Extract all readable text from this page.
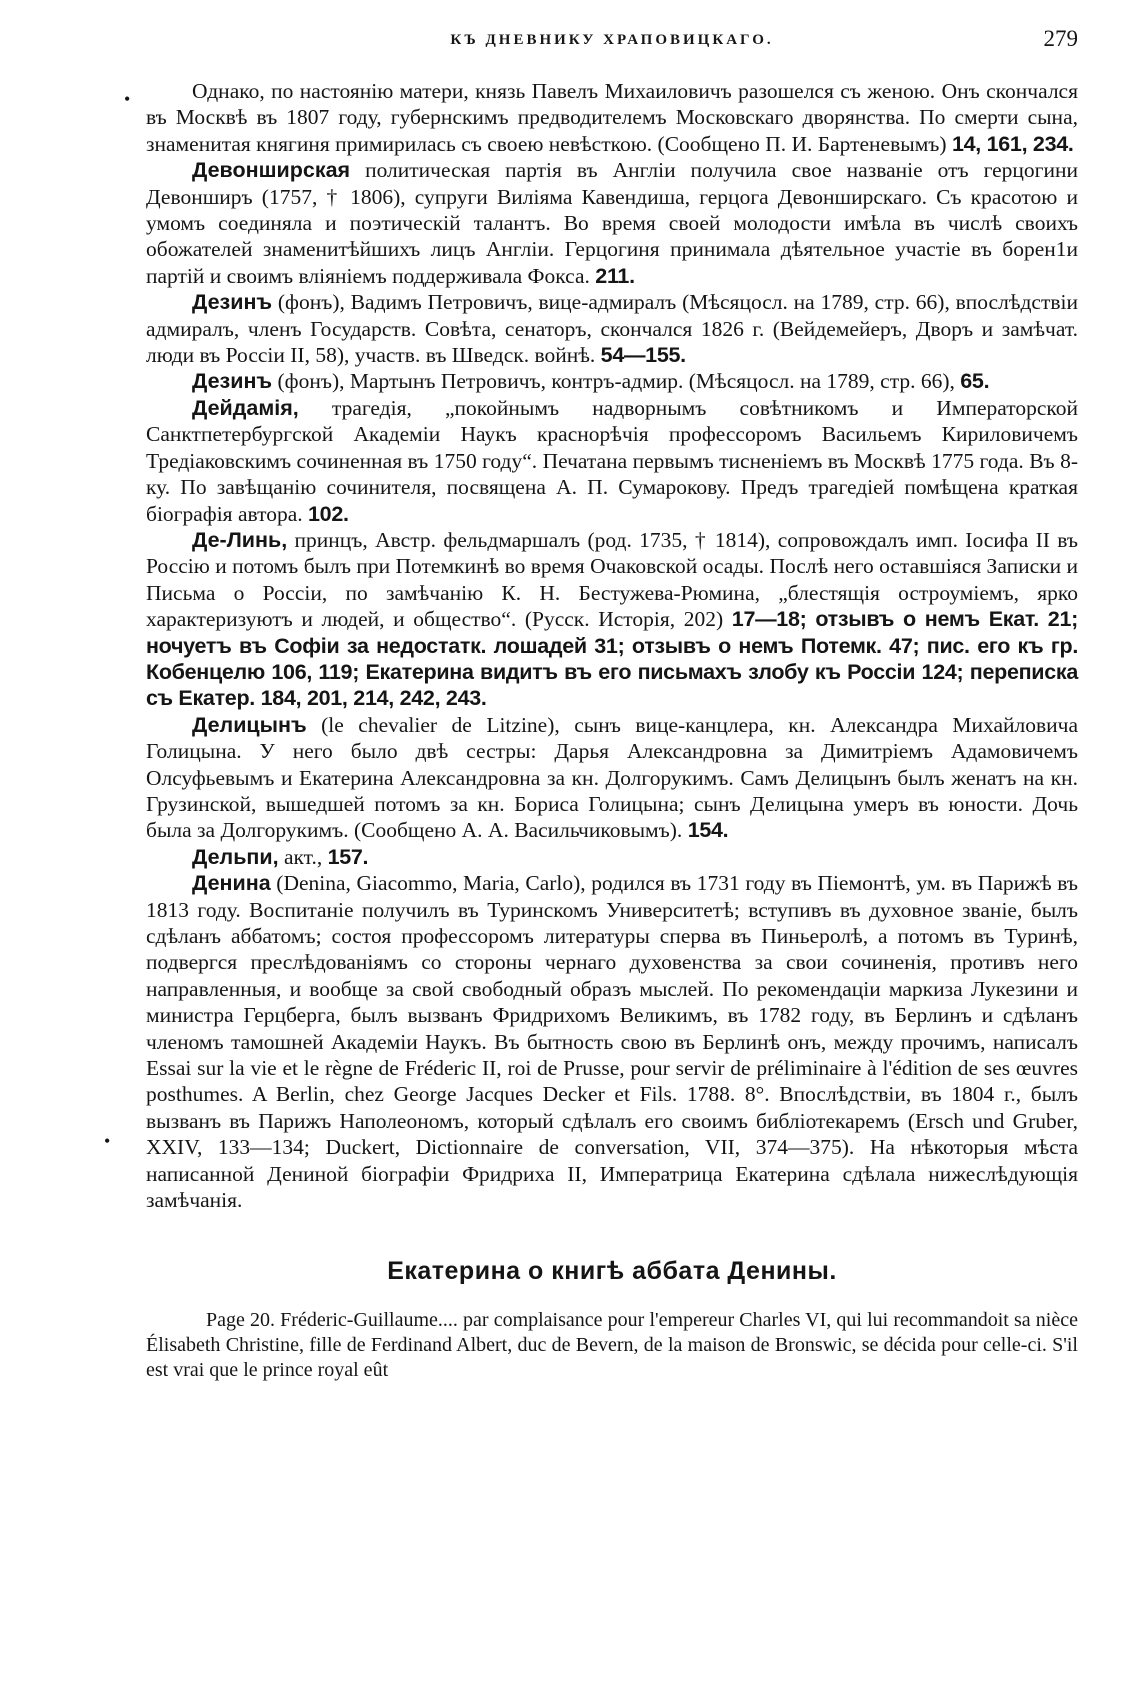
•
•
КЪ ДНЕВНИКУ ХРАПОВИЦКАГО.	279

Однако, по настоянію матери, князь Павелъ Михаиловичъ разошелся съ женою. Онъ скончался въ Москвѣ въ 1807 году, губернскимъ предводителемъ Московскаго дворянства. По смерти сына, знаменитая княгиня примирилась съ своею невѣсткою. (Сообщено П. И. Бартеневымъ) 14, 161, 234.

Девонширская политическая партія въ Англіи получила свое названіе отъ герцогини Девонширъ (1757, † 1806), супруги Виліяма Кавендиша, герцога Девонширскаго. Съ красотою и умомъ соединяла и поэтическій талантъ. Во время своей молодости имѣла въ числѣ своихъ обожателей знаменитѣйшихъ лицъ Англіи. Герцогиня принимала дѣятельное участіе въ борен1и партій и своимъ вліяніемъ поддерживала Фокса. 211.

Дезинъ (фонъ), Вадимъ Петровичъ, вице-адмиралъ (Мѣсяцосл. на 1789, стр. 66), впослѣдствіи адмиралъ, членъ Государств. Совѣта, сенаторъ, скончался 1826 г. (Вейдемейеръ, Дворъ и замѣчат. люди въ Россіи II, 58), участв. въ Шведск. войнѣ. 54—155.

Дезинъ (фонъ), Мартынъ Петровичъ, контръ-адмир. (Мѣсяцосл. на 1789, стр. 66), 65.

Дейдамія, трагедія, „покойнымъ надворнымъ совѣтникомъ и Императорской Санктпетербургской Академіи Наукъ краснорѣчія профессоромъ Васильемъ Кириловичемъ Тредіаковскимъ сочиненная въ 1750 году“. Печатана первымъ тисненіемъ въ Москвѣ 1775 года. Въ 8-ку. По завѣщанію сочинителя, посвящена А. П. Сумарокову. Предъ трагедіей помѣщена краткая біографія автора. 102.

Де-Линь, принцъ, Австр. фельдмаршалъ (род. 1735, † 1814), сопровождалъ имп. Іосифа II въ Россію и потомъ былъ при Потемкинѣ во время Очаковской осады. Послѣ него оставшіяся Записки и Письма о Россіи, по замѣчанію К. Н. Бестужева-Рюмина, „блестящія остроуміемъ, ярко характеризуютъ и людей, и общество“. (Русск. Исторія, 202) 17—18; отзывъ о немъ Екат. 21; ночуетъ въ Софіи за недостатк. лошадей 31; отзывъ о немъ Потемк. 47; пис. его къ гр. Кобенцелю 106, 119; Екатерина видитъ въ его письмахъ злобу къ Россіи 124; переписка съ Екатер. 184, 201, 214, 242, 243.

Делицынъ (le chevalier de Litzine), сынъ вице-канцлера, кн. Александра Михайловича Голицына. У него было двѣ сестры: Дарья Александровна за Димитріемъ Адамовичемъ Олсуфьевымъ и Екатерина Александровна за кн. Долгорукимъ. Самъ Делицынъ былъ женатъ на кн. Грузинской, вышедшей потомъ за кн. Бориса Голицына; сынъ Делицына умеръ въ юности. Дочь была за Долгорукимъ. (Сообщено А. А. Васильчиковымъ). 154.

Дельпи, акт., 157.

Денина (Denina, Giacommo, Maria, Carlo), родился въ 1731 году въ Піемонтѣ, ум. въ Парижѣ въ 1813 году. Воспитаніе получилъ въ Туринскомъ Университетѣ; вступивъ въ духовное званіе, былъ сдѣланъ аббатомъ; состоя профессоромъ литературы сперва въ Пиньеролѣ, а потомъ въ Туринѣ, подвергся преслѣдованіямъ со стороны чернаго духовенства за свои сочиненія, противъ него направленныя, и вообще за свой свободный образъ мыслей. По рекомендаціи маркиза Лукезини и министра Герцберга, былъ вызванъ Фридрихомъ Великимъ, въ 1782 году, въ Берлинъ и сдѣланъ членомъ тамошней Академіи Наукъ. Въ бытность свою въ Берлинѣ онъ, между прочимъ, написалъ Essai sur la vie et le règne de Fréderic II, roi de Prusse, pour servir de préliminaire à l'édition de ses œuvres posthumes. A Berlin, chez George Jacques Decker et Fils. 1788. 8°. Впослѣдствіи, въ 1804 г., былъ вызванъ въ Парижъ Наполеономъ, который сдѣлалъ его своимъ библіотекаремъ (Ersch und Gruber, XXIV, 133—134; Duckert, Dictionnaire de conversation, VII, 374—375). На нѣкоторыя мѣста написанной Дениной біографіи Фридриха II, Императрица Екатерина сдѣлала нижеслѣдующія замѣчанія.

Екатерина о книгѣ аббата Денины.

Page 20. Fréderic-Guillaume.... par complaisance pour l'empereur Charles VI, qui lui recommandoit sa nièce Élisabeth Christine, fille de Ferdinand Albert, duc de Bevern, de la maison de Bronswic, se décida pour celle-ci. S'il est vrai que le prince royal eût
